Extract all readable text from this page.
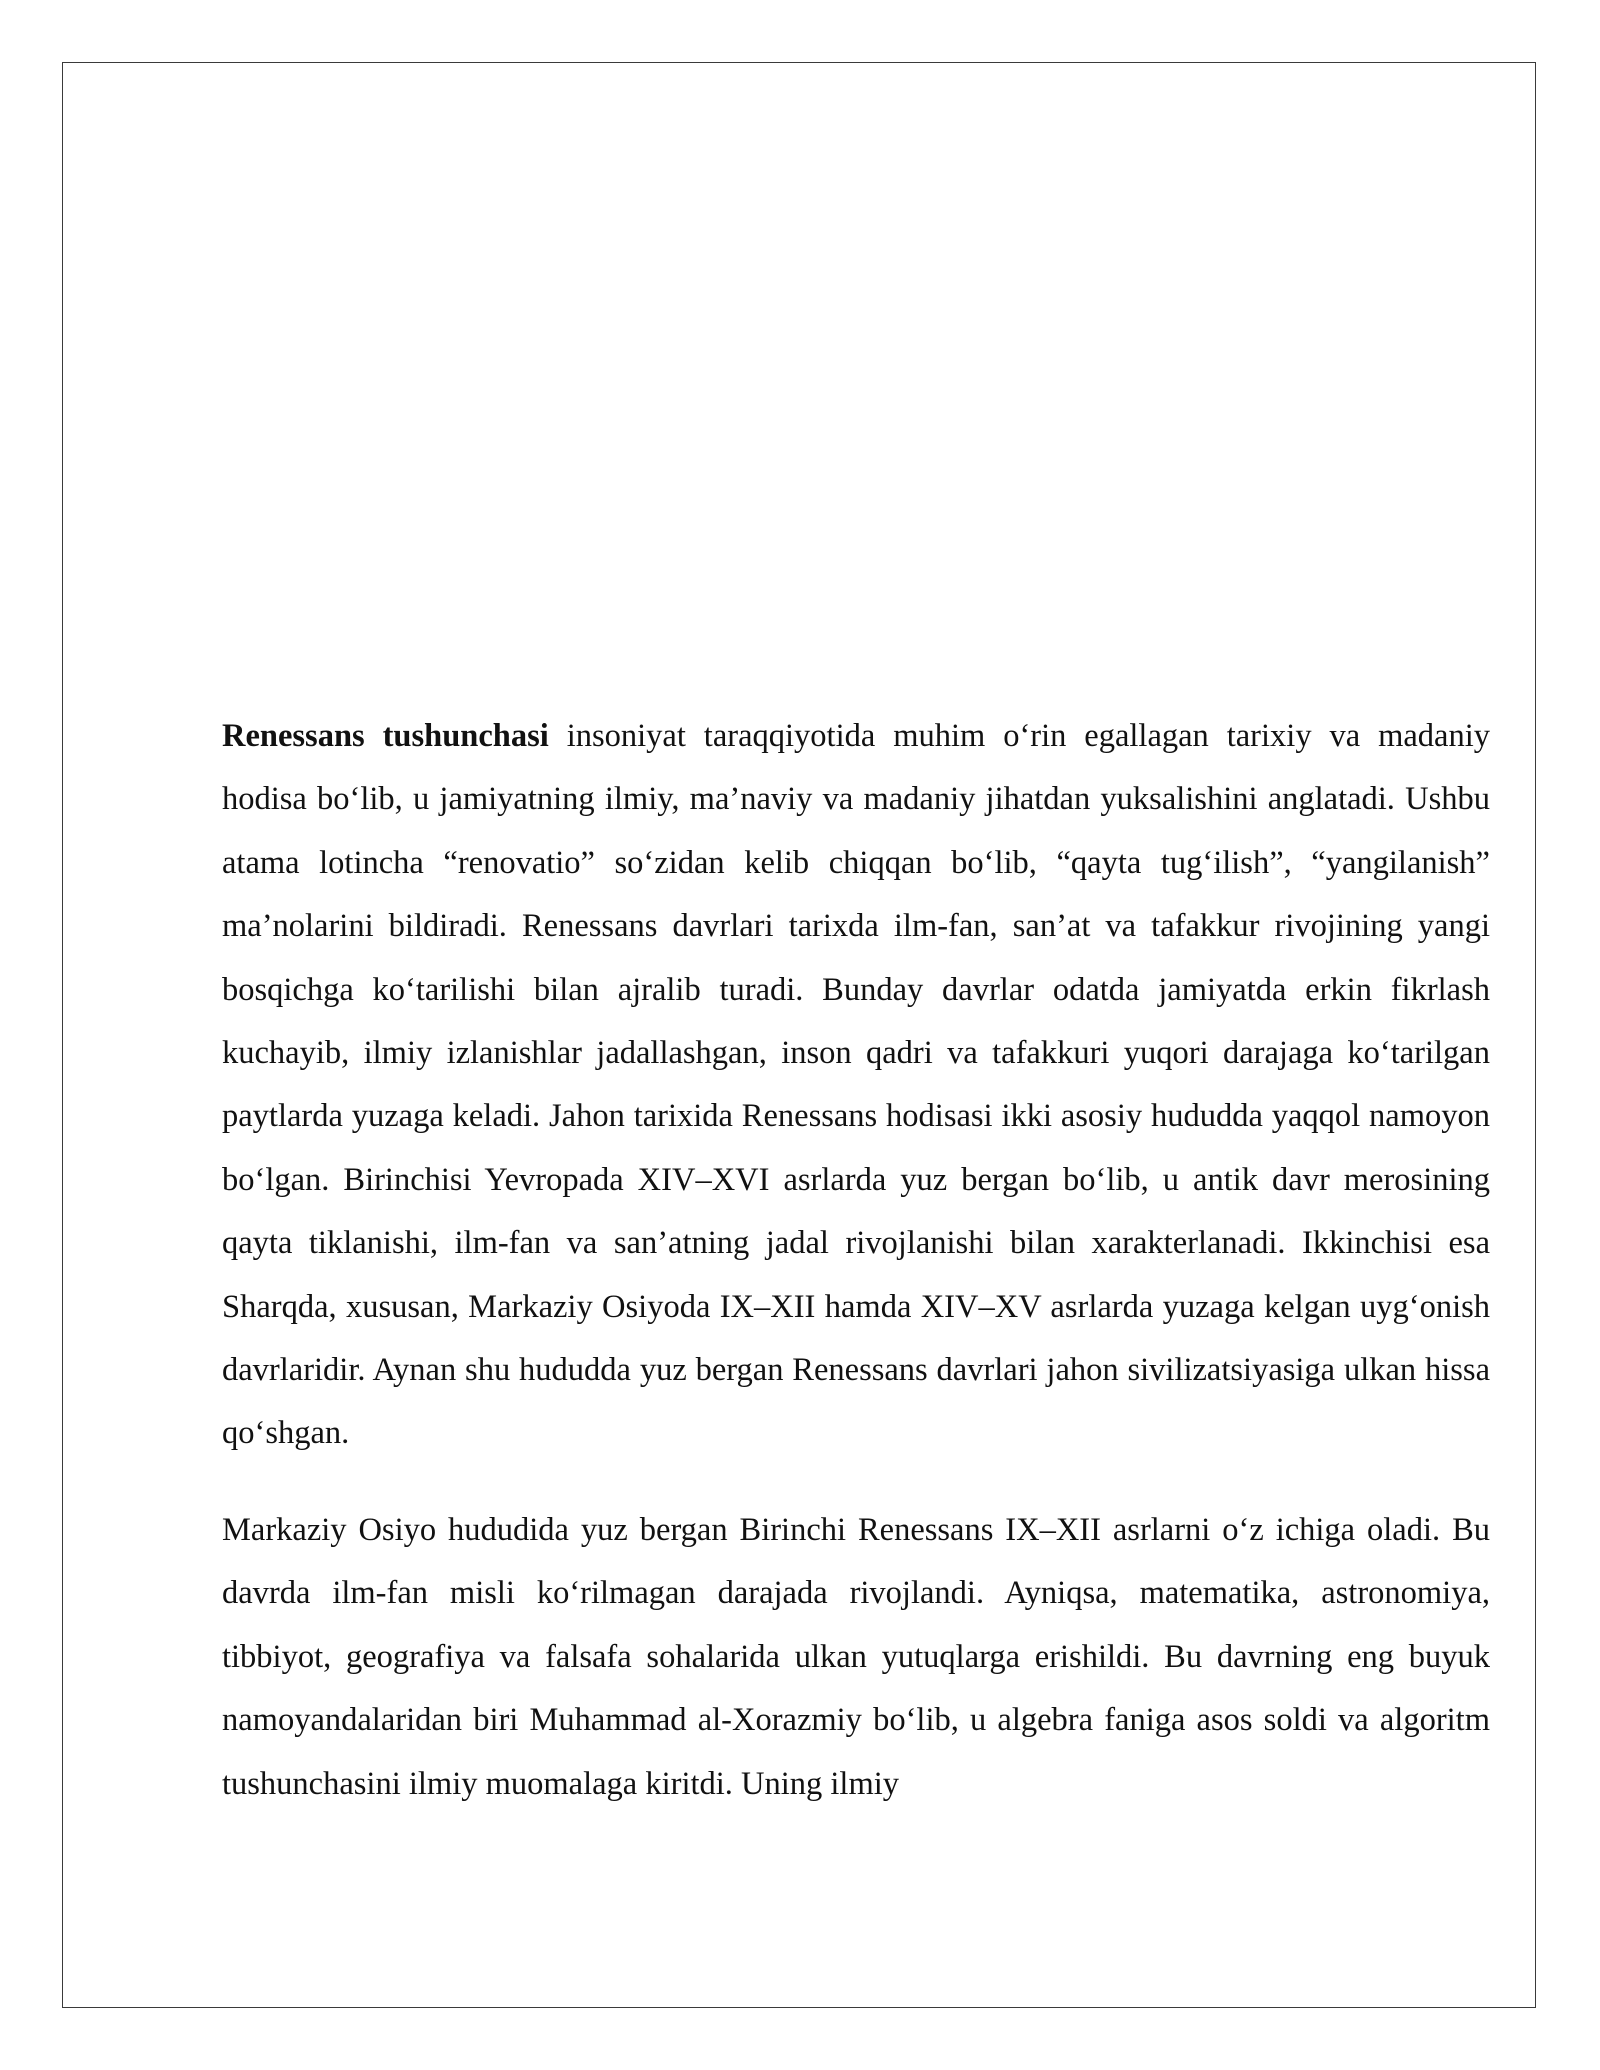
Renessans tushunchasi insoniyat taraqqiyotida muhim o‘rin egallagan tarixiy va madaniy hodisa bo‘lib, u jamiyatning ilmiy, ma’naviy va madaniy jihatdan yuksalishini anglatadi. Ushbu atama lotincha “renovatio” so‘zidan kelib chiqqan bo‘lib, “qayta tug‘ilish”, “yangilanish” ma’nolarini bildiradi. Renessans davrlari tarixda ilm-fan, san’at va tafakkur rivojining yangi bosqichga ko‘tarilishi bilan ajralib turadi. Bunday davrlar odatda jamiyatda erkin fikrlash kuchayib, ilmiy izlanishlar jadallashgan, inson qadri va tafakkuri yuqori darajaga ko‘tarilgan paytlarda yuzaga keladi. Jahon tarixida Renessans hodisasi ikki asosiy hududda yaqqol namoyon bo‘lgan. Birinchisi Yevropada XIV–XVI asrlarda yuz bergan bo‘lib, u antik davr merosining qayta tiklanishi, ilm-fan va san’atning jadal rivojlanishi bilan xarakterlanadi. Ikkinchisi esa Sharqda, xususan, Markaziy Osiyoda IX–XII hamda XIV–XV asrlarda yuzaga kelgan uyg‘onish davrlaridir. Aynan shu hududda yuz bergan Renessans davrlari jahon sivilizatsiyasiga ulkan hissa qo‘shgan.

Markaziy Osiyo hududida yuz bergan Birinchi Renessans IX–XII asrlarni o‘z ichiga oladi. Bu davrda ilm-fan misli ko‘rilmagan darajada rivojlandi. Ayniqsa, matematika, astronomiya, tibbiyot, geografiya va falsafa sohalarida ulkan yutuqlarga erishildi. Bu davrning eng buyuk namoyandalaridan biri Muhammad al-Xorazmiy bo‘lib, u algebra faniga asos soldi va algoritm tushunchasini ilmiy muomalaga kiritdi. Uning ilmiy
